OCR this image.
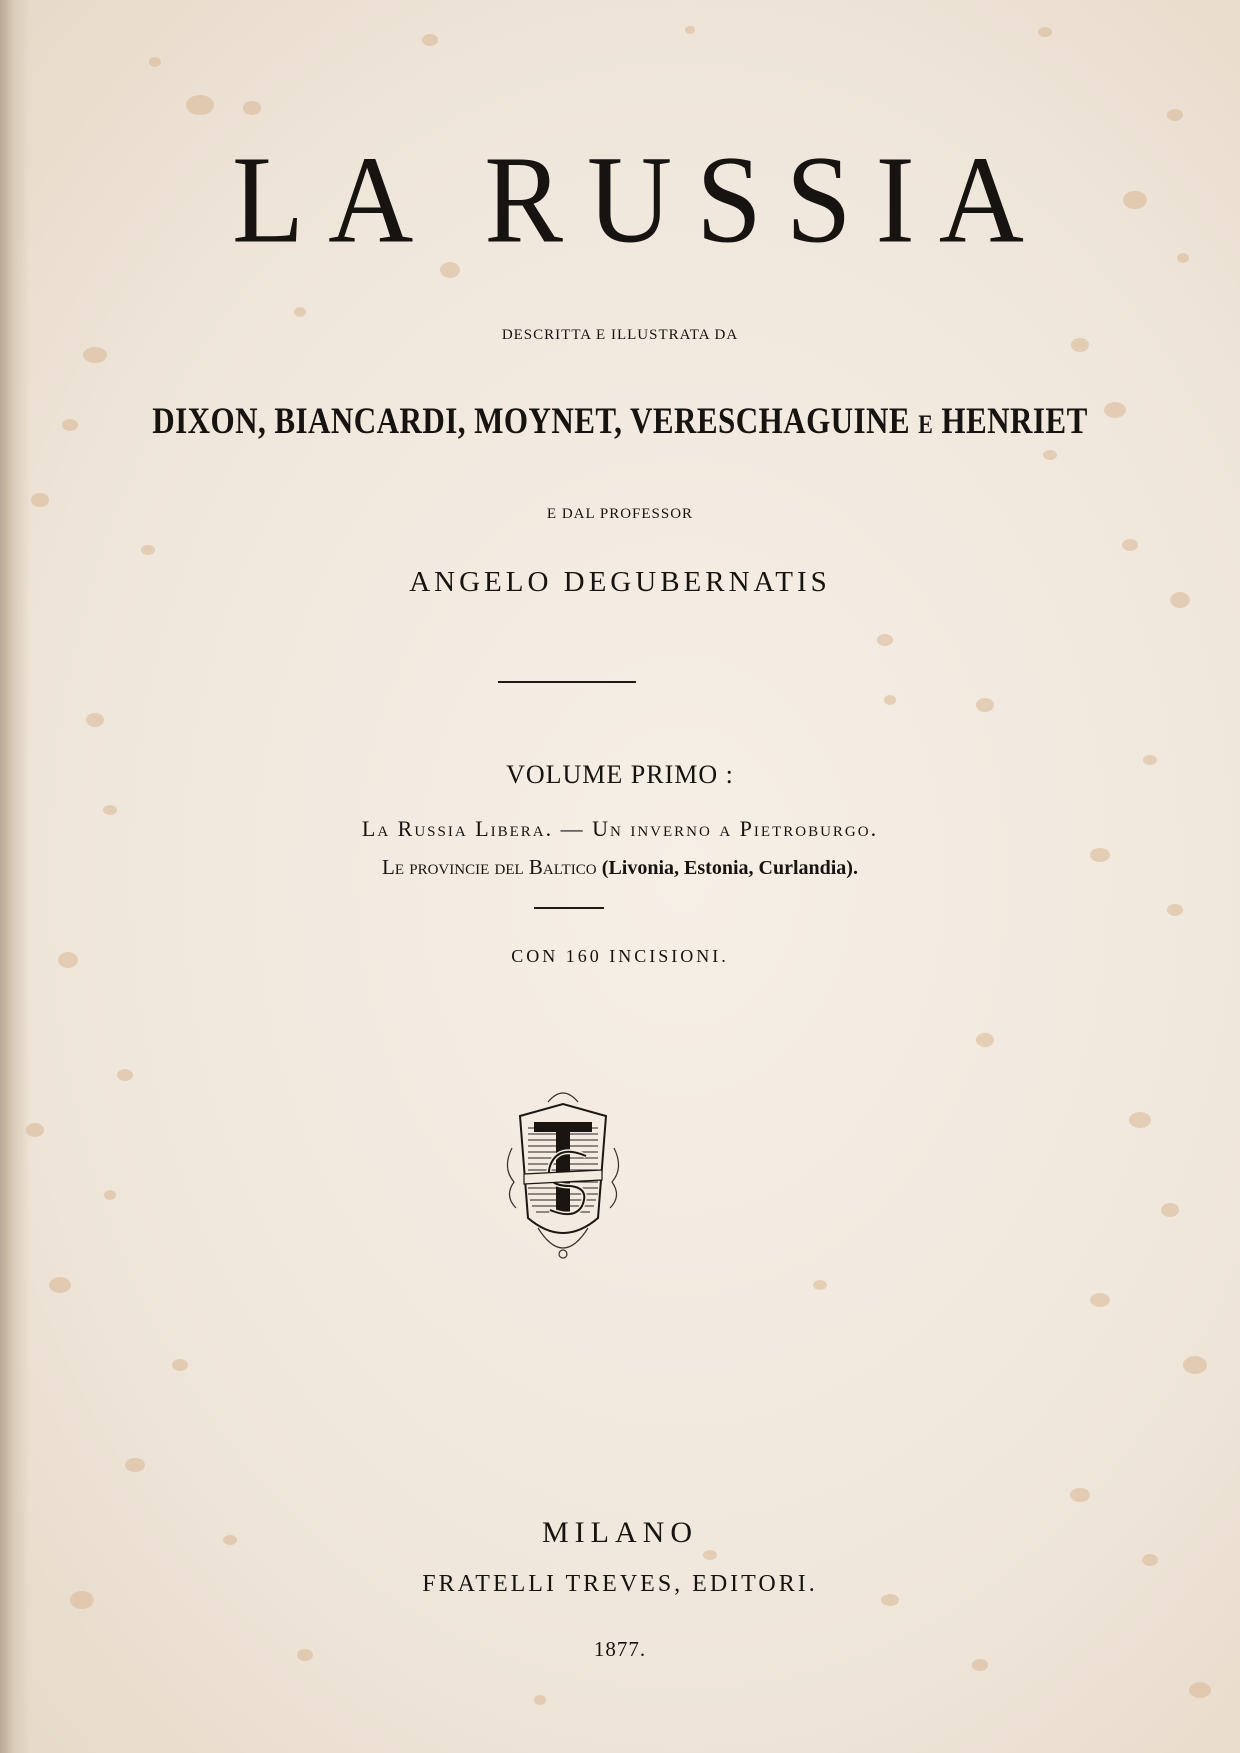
LA RUSSIA
DESCRITTA E ILLUSTRATA DA
DIXON, BIANCARDI, MOYNET, VERESCHAGUINE E HENRIET
E DAL PROFESSOR
ANGELO DEGUBERNATIS
VOLUME PRIMO :
La Russia Libera. — Un inverno a Pietroburgo.
Le provincie del Baltico (Livonia, Estonia, Curlandia).
CON 160 INCISIONI.
MILANO
FRATELLI TREVES, EDITORI.
1877.
